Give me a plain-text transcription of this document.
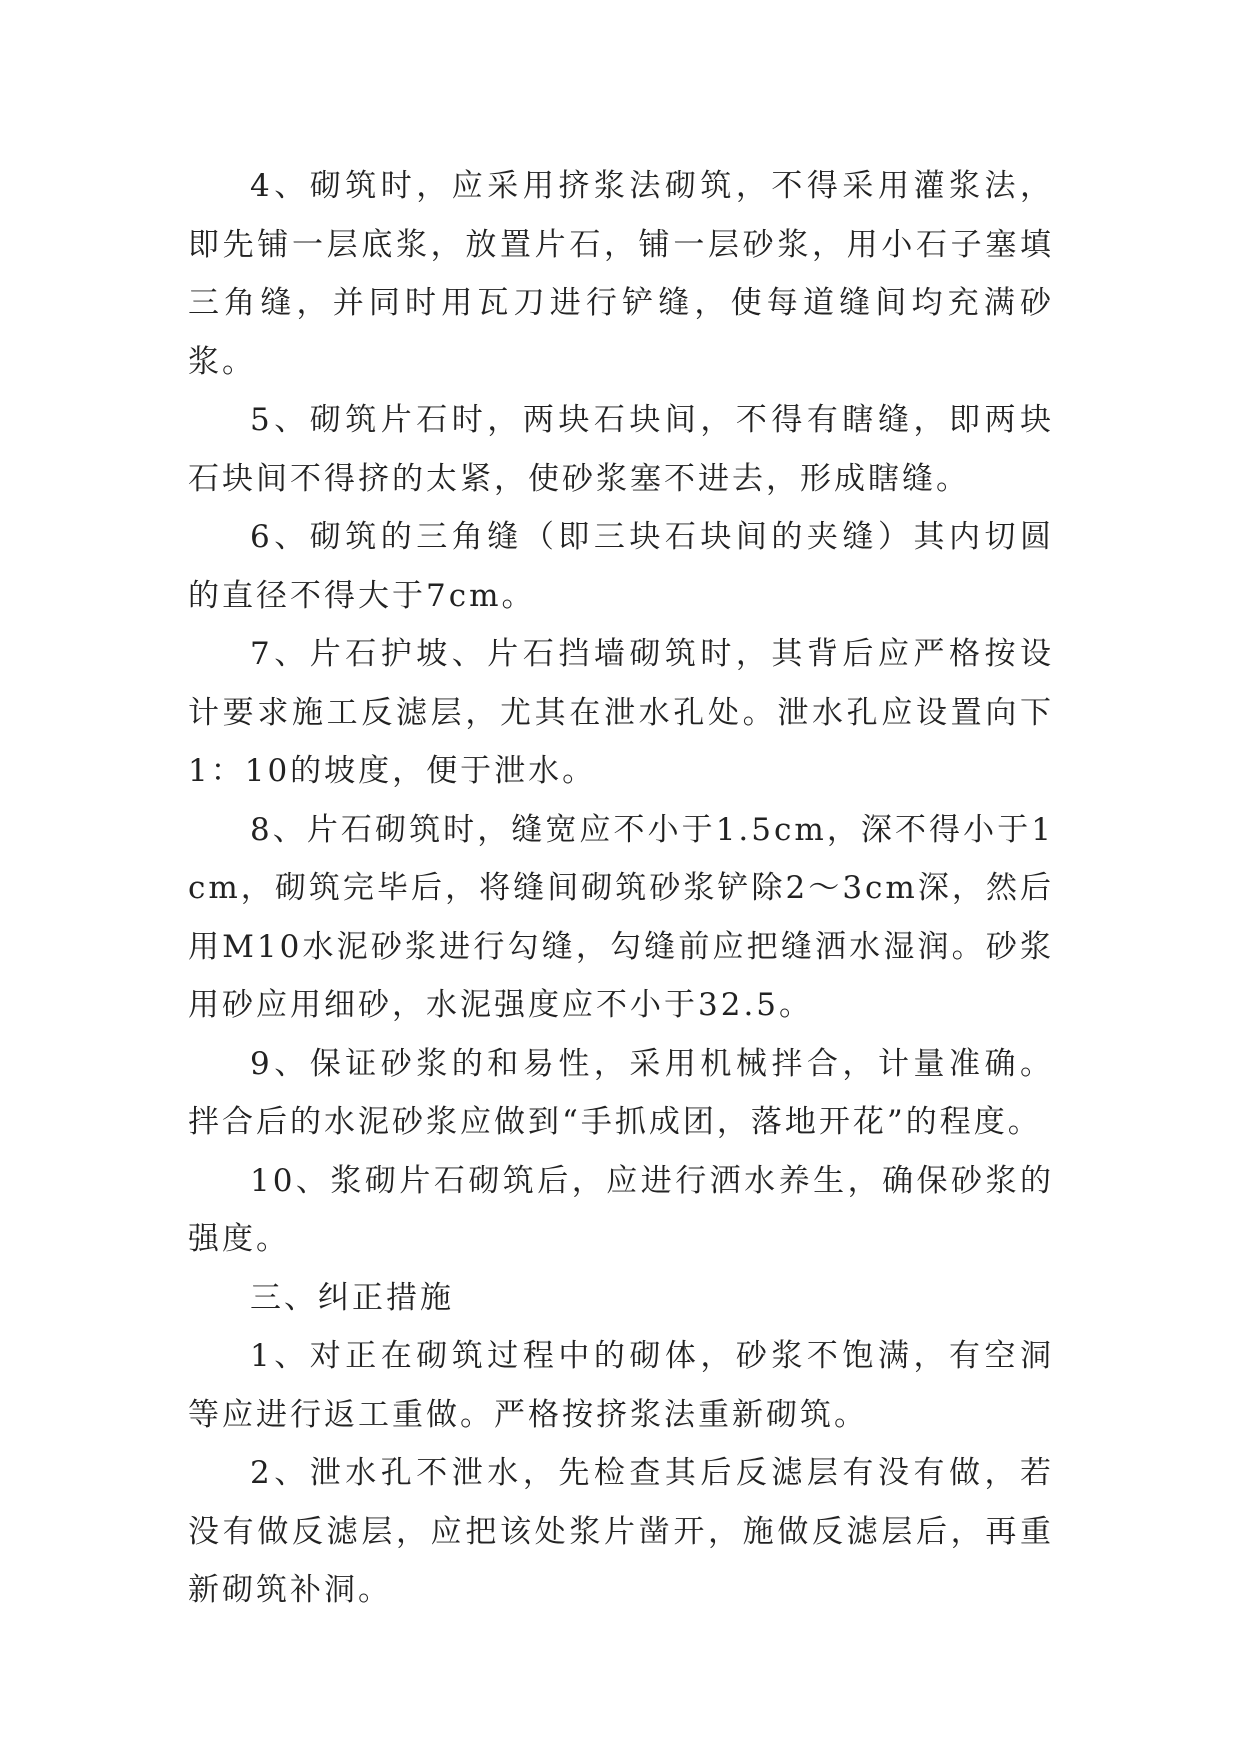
4、砌筑时，应采用挤浆法砌筑，不得采用灌浆法，即先铺一层底浆，放置片石，铺一层砂浆，用小石子塞填三角缝，并同时用瓦刀进行铲缝，使每道缝间均充满砂浆。

5、砌筑片石时，两块石块间，不得有瞎缝，即两块石块间不得挤的太紧，使砂浆塞不进去，形成瞎缝。

6、砌筑的三角缝（即三块石块间的夹缝）其内切圆的直径不得大于7cm。

7、片石护坡、片石挡墙砌筑时，其背后应严格按设计要求施工反滤层，尤其在泄水孔处。泄水孔应设置向下1：10的坡度，便于泄水。

8、片石砌筑时，缝宽应不小于1.5cm，深不得小于1cm，砌筑完毕后，将缝间砌筑砂浆铲除2～3cm深，然后用M10水泥砂浆进行勾缝，勾缝前应把缝洒水湿润。砂浆用砂应用细砂，水泥强度应不小于32.5。

9、保证砂浆的和易性，采用机械拌合，计量准确。拌合后的水泥砂浆应做到“手抓成团，落地开花”的程度。

10、浆砌片石砌筑后，应进行洒水养生，确保砂浆的强度。

三、纠正措施

1、对正在砌筑过程中的砌体，砂浆不饱满，有空洞等应进行返工重做。严格按挤浆法重新砌筑。

2、泄水孔不泄水，先检查其后反滤层有没有做，若没有做反滤层，应把该处浆片凿开，施做反滤层后，再重新砌筑补洞。
